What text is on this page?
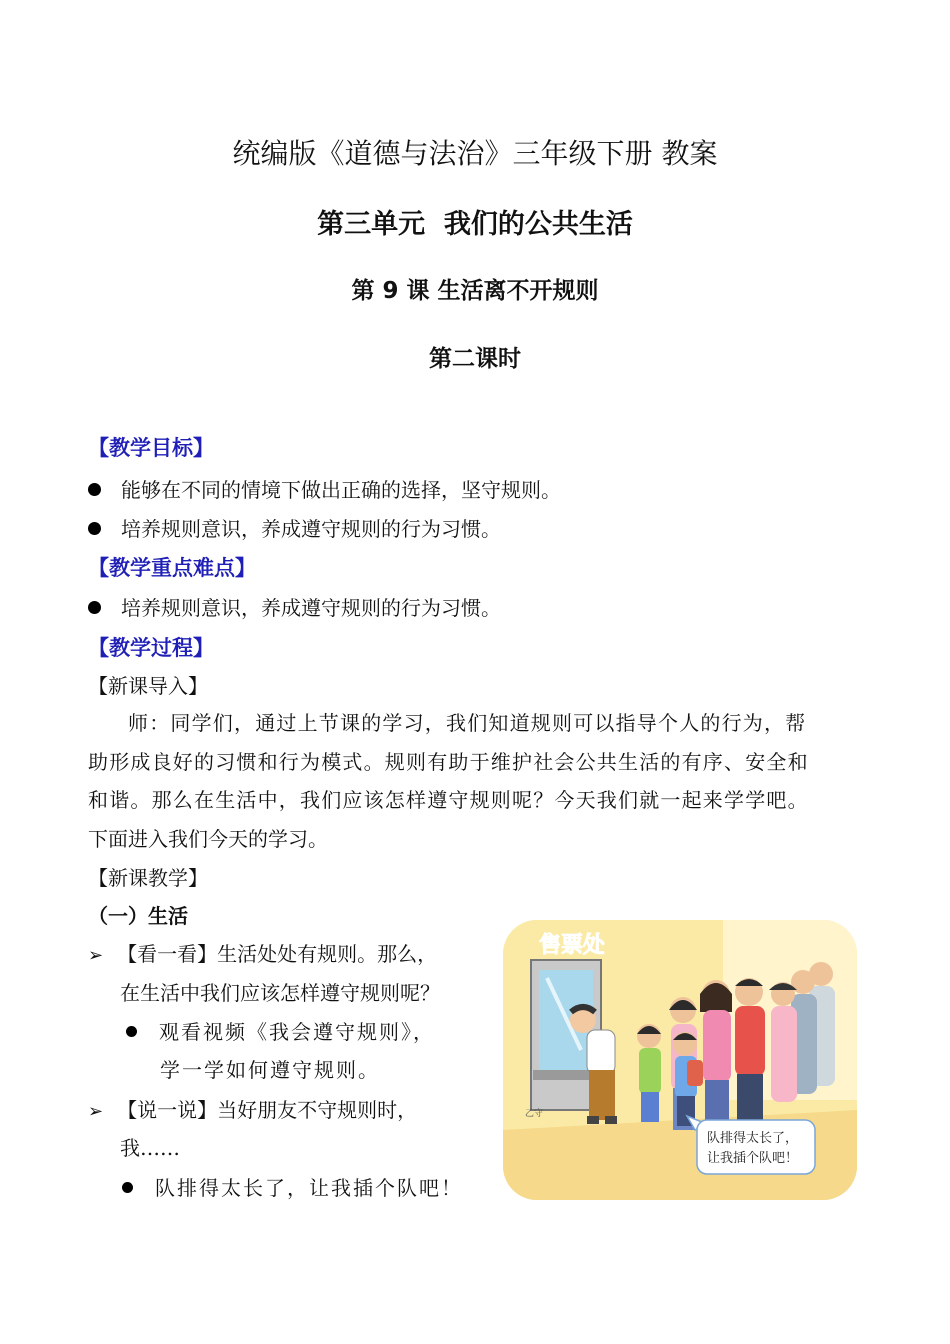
统编版《道德与法治》三年级下册 教案
第三单元  我们的公共生活
第 9 课 生活离不开规则
第二课时
【教学目标】
能够在不同的情境下做出正确的选择，坚守规则。
培养规则意识，养成遵守规则的行为习惯。
【教学重点难点】
培养规则意识，养成遵守规则的行为习惯。
【教学过程】
【新课导入】
师：同学们，通过上节课的学习，我们知道规则可以指导个人的行为，帮
助形成良好的习惯和行为模式。规则有助于维护社会公共生活的有序、安全和
和谐。那么在生活中，我们应该怎样遵守规则呢？今天我们就一起来学学吧。
下面进入我们今天的学习。
【新课教学】
（一）生活
➢ 【看一看】生活处处有规则。那么，
在生活中我们应该怎样遵守规则呢？
观看视频《我会遵守规则》，
学一学如何遵守规则。
➢ 【说一说】当好朋友不守规则时，
我……
队排得太长了，让我插个队吧！
乙守
售票处
队排得太长了，
让我插个队吧！
